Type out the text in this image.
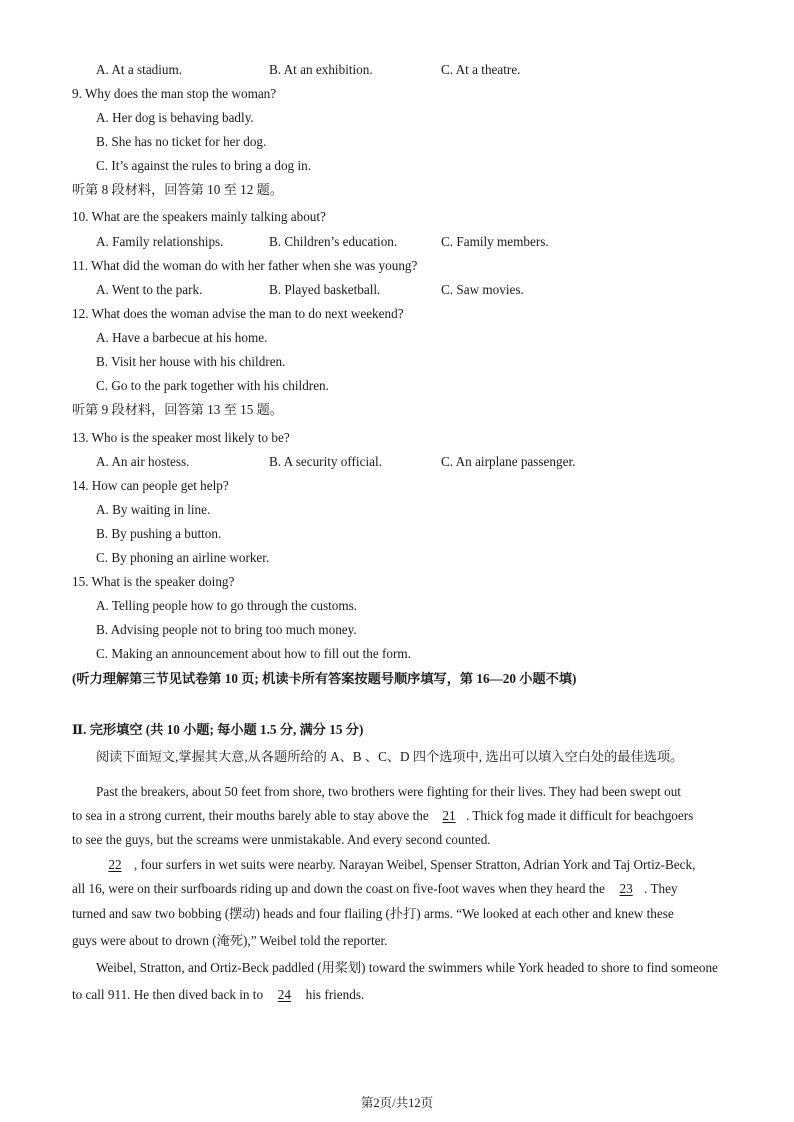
A. At a stadium.	B. At an exhibition.	C. At a theatre.
9. Why does the man stop the woman?
A. Her dog is behaving badly.
B. She has no ticket for her dog.
C. It’s against the rules to bring a dog in.
听第 8 段材料，回答第 10 至 12 题。
10. What are the speakers mainly talking about?
A. Family relationships.	B. Children’s education.	C. Family members.
11. What did the woman do with her father when she was young?
A. Went to the park.	B. Played basketball.	C. Saw movies.
12. What does the woman advise the man to do next weekend?
A. Have a barbecue at his home.
B. Visit her house with his children.
C. Go to the park together with his children.
听第 9 段材料，回答第 13 至 15 题。
13. Who is the speaker most likely to be?
A. An air hostess.	B. A security official.	C. An airplane passenger.
14. How can people get help?
A. By waiting in line.
B. By pushing a button.
C. By phoning an airline worker.
15. What is the speaker doing?
A. Telling people how to go through the customs.
B. Advising people not to bring too much money.
C. Making an announcement about how to fill out the form.
(听力理解第三节见试卷第 10 页; 机读卡所有答案按题号顺序填写，第 16—20 小题不填)
Ⅱ. 完形填空 (共 10 小题; 每小题 1.5 分, 满分 15 分)
阅读下面短文,掌握其大意,从各题所给的 A、B 、C、D 四个选项中, 选出可以填入空白处的最佳选项。
Past the breakers, about 50 feet from shore, two brothers were fighting for their lives. They had been swept out
to sea in a strong current, their mouths barely able to stay above the 21 . Thick fog made it difficult for beachgoers
to see the guys, but the screams were unmistakable. And every second counted.
22 , four surfers in wet suits were nearby. Narayan Weibel, Spenser Stratton, Adrian York and Taj Ortiz-Beck,
all 16, were on their surfboards riding up and down the coast on five-foot waves when they heard the 23 . They
turned and saw two bobbing (摆动) heads and four flailing (扑打) arms. “We looked at each other and knew these
guys were about to drown (淹死),” Weibel told the reporter.
Weibel, Stratton, and Ortiz-Beck paddled (用桨划) toward the swimmers while York headed to shore to find someone
to call 911. He then dived back in to 24 his friends.
第2页/共12页
